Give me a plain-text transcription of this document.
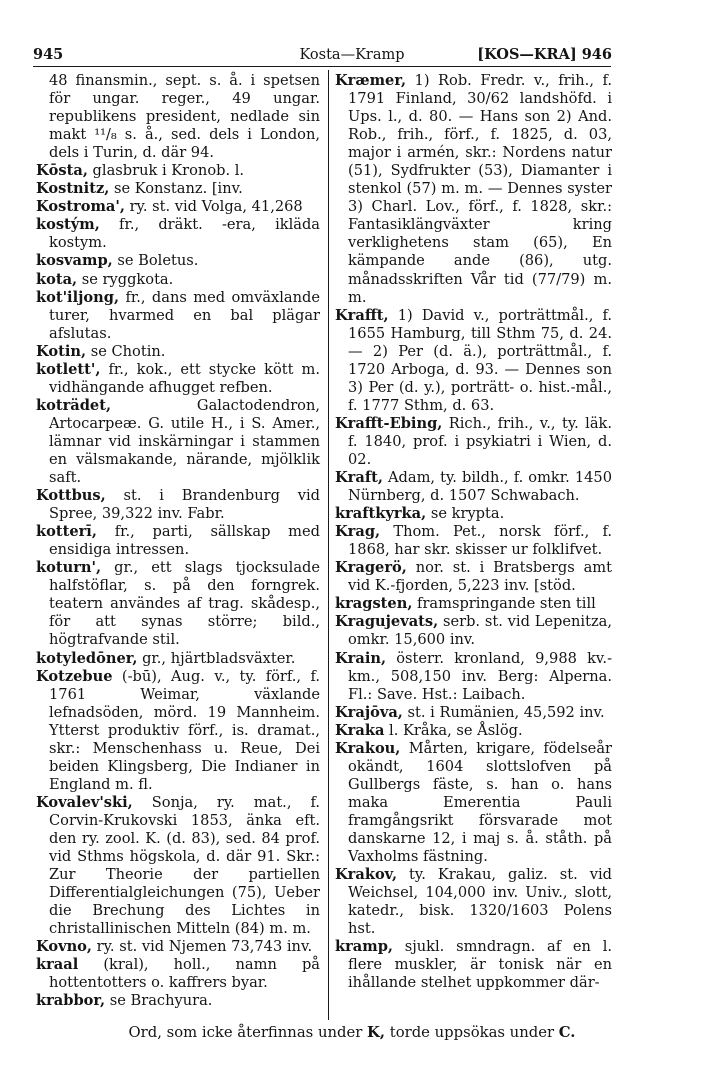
945	Kosta—Kramp	[KOS—KRA] 946

48 finansmin., sept. s. å. i spetsen för ungar. reger., 49 ungar. republikens president, nedlade sin makt ¹¹/₈ s. å., sed. dels i London, dels i Turin, d. där 94.

Kōsta, glasbruk i Kronob. l.

Kostnitz, se Konstanz. [inv.

Kostroma', ry. st. vid Volga, 41,268

kostým, fr., dräkt. -era, ikläda kostym.

kosvamp, se Boletus.

kota, se ryggkota.

kot'iljong, fr., dans med omväxlande turer, hvarmed en bal plägar afslutas.

Kotin, se Chotin.

kotlett', fr., kok., ett stycke kött m. vidhängande afhugget refben.

koträdet, Galactodendron, Artocarpeæ. G. utile H., i S. Amer., lämnar vid inskärningar i stammen en välsmakande, närande, mjölklik saft.

Kottbus, st. i Brandenburg vid Spree, 39,322 inv. Fabr.

kotterī, fr., parti, sällskap med ensidiga intressen.

koturn', gr., ett slags tjocksulade halfstöflar, s. på den forngrek. teatern användes af trag. skådesp., för att synas större; bild., högtrafvande stil.

kotyledōner, gr., hjärtbladsväxter.

Kotzebue (-bū), Aug. v., ty. förf., f. 1761 Weimar, växlande lefnadsöden, mörd. 19 Mannheim. Ytterst produktiv förf., is. dramat., skr.: Menschenhass u. Reue, Dei beiden Klingsberg, Die Indianer in England m. fl.

Kovalev'ski, Sonja, ry. mat., f. Corvin-Krukovski 1853, änka eft. den ry. zool. K. (d. 83), sed. 84 prof. vid Sthms högskola, d. där 91. Skr.: Zur Theorie der partiellen Differentialgleichungen (75), Ueber die Brechung des Lichtes in christallinischen Mitteln (84) m. m.

Kovno, ry. st. vid Njemen 73,743 inv.

kraal (kral), holl., namn på hottentotters o. kaffrers byar.

krabbor, se Brachyura.

Kræmer, 1) Rob. Fredr. v., frih., f. 1791 Finland, 30/62 landshöfd. i Ups. l., d. 80. — Hans son 2) And. Rob., frih., förf., f. 1825, d. 03, major i armén, skr.: Nordens natur (51), Sydfrukter (53), Diamanter i stenkol (57) m. m. — Dennes syster 3) Charl. Lov., förf., f. 1828, skr.: Fantasiklängväxter kring verklighetens stam (65), En kämpande ande (86), utg. månadsskriften Vår tid (77/79) m. m.

Krafft, 1) David v., porträttmål., f. 1655 Hamburg, till Sthm 75, d. 24. — 2) Per (d. ä.), porträttmål., f. 1720 Arboga, d. 93. — Dennes son 3) Per (d. y.), porträtt- o. hist.-mål., f. 1777 Sthm, d. 63.

Krafft-Ebing, Rich., frih., v., ty. läk. f. 1840, prof. i psykiatri i Wien, d. 02.

Kraft, Adam, ty. bildh., f. omkr. 1450 Nürnberg, d. 1507 Schwabach.

kraftkyrka, se krypta.

Krag, Thom. Pet., norsk förf., f. 1868, har skr. skisser ur folklifvet.

Kragerö, nor. st. i Bratsbergs amt vid K.-fjorden, 5,223 inv. [stöd.

kragsten, framspringande sten till

Kragujevats, serb. st. vid Lepenitza, omkr. 15,600 inv.

Krain, österr. kronland, 9,988 kv.-km., 508,150 inv. Berg: Alperna. Fl.: Save. Hst.: Laibach.

Krajōva, st. i Rumänien, 45,592 inv.

Kraka l. Kråka, se Åslög.

Krakou, Mårten, krigare, födelseår okändt, 1604 slottslofven på Gullbergs fäste, s. han o. hans maka Emerentia Pauli framgångsrikt försvarade mot danskarne 12, i maj s. å. ståth. på Vaxholms fästning.

Krakov, ty. Krakau, galiz. st. vid Weichsel, 104,000 inv. Univ., slott, katedr., bisk. 1320/1603 Polens hst.

kramp, sjukl. smndragn. af en l. flere muskler, är tonisk när en ihållande stelhet uppkommer där-

Ord, som icke återfinnas under K, torde uppsökas under C.
